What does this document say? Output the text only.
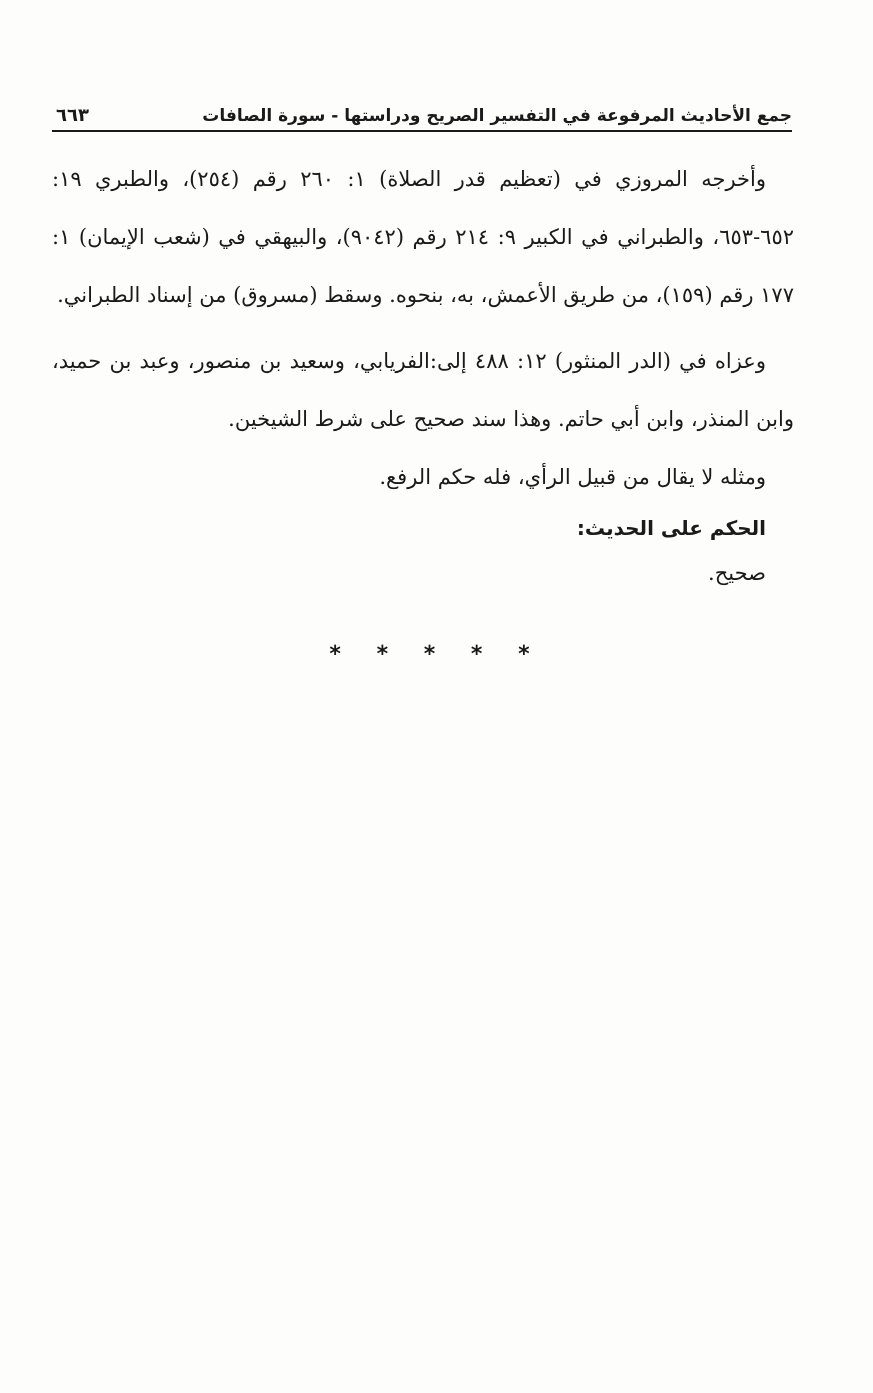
جمع الأحاديث المرفوعة في التفسير الصريح ودراستها - سورة الصافات
٦٦٣

وأخرجه المروزي في (تعظيم قدر الصلاة) ١: ٢٦٠ رقم (٢٥٤)، والطبري ١٩: ٦٥٢-٦٥٣، والطبراني في الكبير ٩: ٢١٤ رقم (٩٠٤٢)، والبيهقي في (شعب الإيمان) ١: ١٧٧ رقم (١٥٩)، من طريق الأعمش، به، بنحوه. وسقط (مسروق) من إسناد الطبراني.

وعزاه في (الدر المنثور) ١٢: ٤٨٨ إلى:الفريابي، وسعيد بن منصور، وعبد بن حميد، وابن المنذر، وابن أبي حاتم. وهذا سند صحيح على شرط الشيخين.

ومثله لا يقال من قبيل الرأي، فله حكم الرفع.

الحكم على الحديث:

صحيح.

* * * * *
